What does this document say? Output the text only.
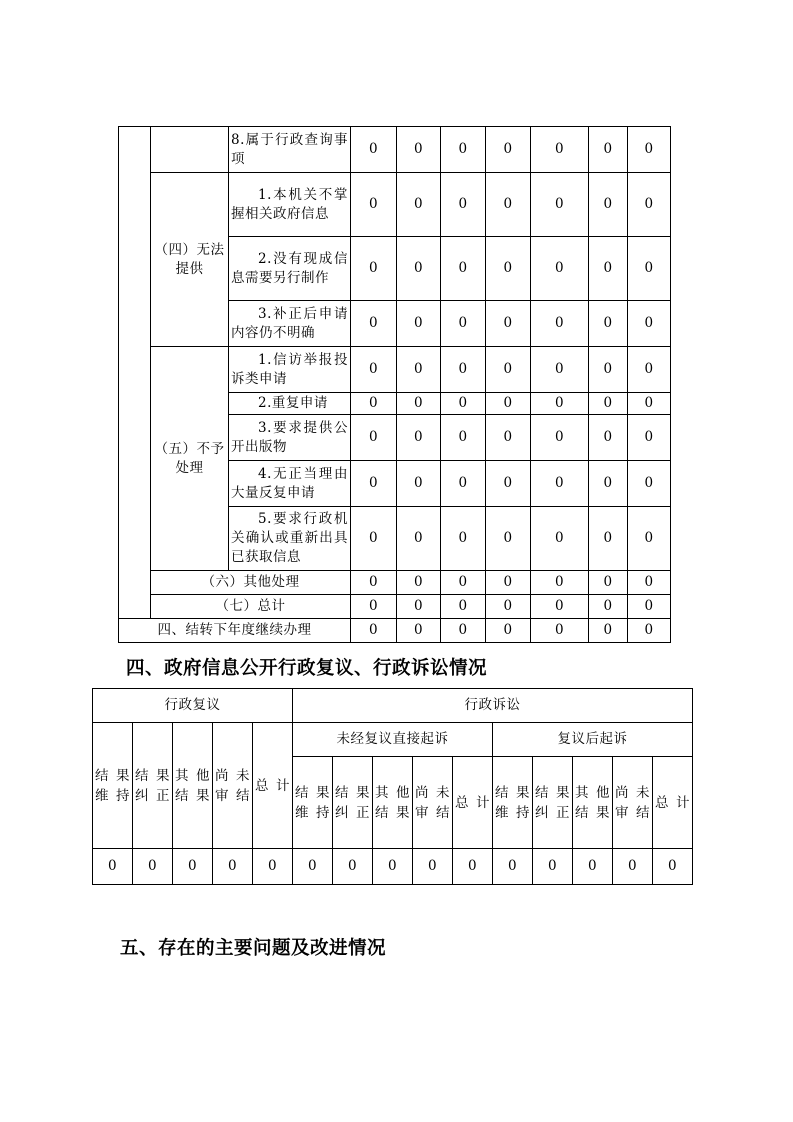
		8.属于行政查询事项	0	0	0	0	0	0	0

	（四）无法提供	1.本机关不掌握相关政府信息	0	0	0	0	0	0	0

		2.没有现成信息需要另行制作	0	0	0	0	0	0	0

		3.补正后申请内容仍不明确	0	0	0	0	0	0	0

	（五）不予处理	1.信访举报投诉类申请	0	0	0	0	0	0	0

		2.重复申请	0	0	0	0	0	0	0

		3.要求提供公开出版物	0	0	0	0	0	0	0

		4.无正当理由大量反复申请	0	0	0	0	0	0	0

		5.要求行政机关确认或重新出具已获取信息	0	0	0	0	0	0	0
	（六）其他处理		0	0	0	0	0	0	0
	（七）总计		0	0	0	0	0	0	0
四、结转下年度继续办理			0	0	0	0	0	0	0
四、政府信息公开行政复议、行政诉讼情况
行政复议					行政诉讼									

结果维持	结果纠正	其他结果	尚未审结	总计	未经复议直接起诉					复议后起诉				

					结果维持	结果纠正	其他结果	尚未审结	总计	结果维持	结果纠正	其他结果	尚未审结	总计

0	0	0	0	0	0	0	0	0	0	0	0	0	0	0
五、存在的主要问题及改进情况
